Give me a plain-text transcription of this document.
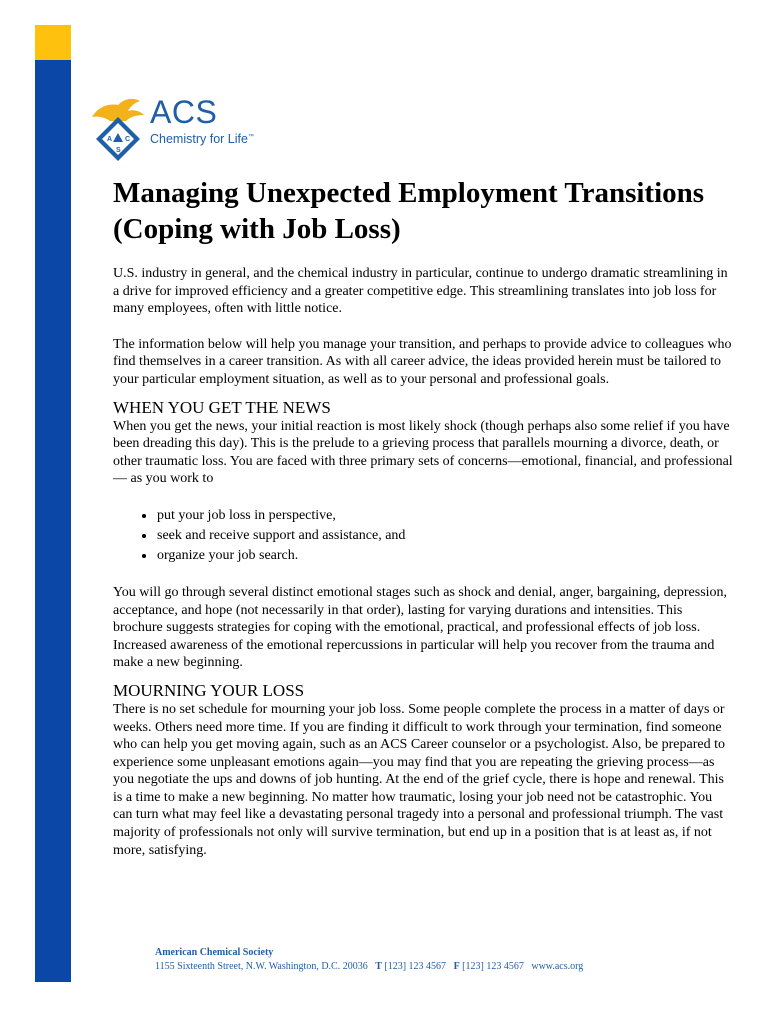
A C
S
ACS
Chemistry for Life™
Managing Unexpected Employment Transitions (Coping with Job Loss)

U.S. industry in general, and the chemical industry in particular, continue to undergo dramatic streamlining in a drive for improved efficiency and a greater competitive edge. This streamlining translates into job loss for many employees, often with little notice.

The information below will help you manage your transition, and perhaps to provide advice to colleagues who find themselves in a career transition. As with all career advice, the ideas provided herein must be tailored to your particular employment situation, as well as to your personal and professional goals.

WHEN YOU GET THE NEWS

When you get the news, your initial reaction is most likely shock (though perhaps also some relief if you have been dreading this day). This is the prelude to a grieving process that parallels mourning a divorce, death, or other traumatic loss. You are faced with three primary sets of concerns—emotional, financial, and professional— as you work to

• put your job loss in perspective,
• seek and receive support and assistance, and
• organize your job search.

You will go through several distinct emotional stages such as shock and denial, anger, bargaining, depression, acceptance, and hope (not necessarily in that order), lasting for varying durations and intensities. This brochure suggests strategies for coping with the emotional, practical, and professional effects of job loss. Increased awareness of the emotional repercussions in particular will help you recover from the trauma and make a new beginning.

MOURNING YOUR LOSS

There is no set schedule for mourning your job loss. Some people complete the process in a matter of days or weeks. Others need more time. If you are finding it difficult to work through your termination, find someone who can help you get moving again, such as an ACS Career counselor or a psychologist. Also, be prepared to experience some unpleasant emotions again—you may find that you are repeating the grieving process—as you negotiate the ups and downs of job hunting. At the end of the grief cycle, there is hope and renewal. This is a time to make a new beginning. No matter how traumatic, losing your job need not be catastrophic. You can turn what may feel like a devastating personal tragedy into a personal and professional triumph. The vast majority of professionals not only will survive termination, but end up in a position that is at least as, if not more, satisfying.

American Chemical Society
1155 Sixteenth Street, N.W. Washington, D.C. 20036 T [123] 123 4567 F [123] 123 4567 www.acs.org
